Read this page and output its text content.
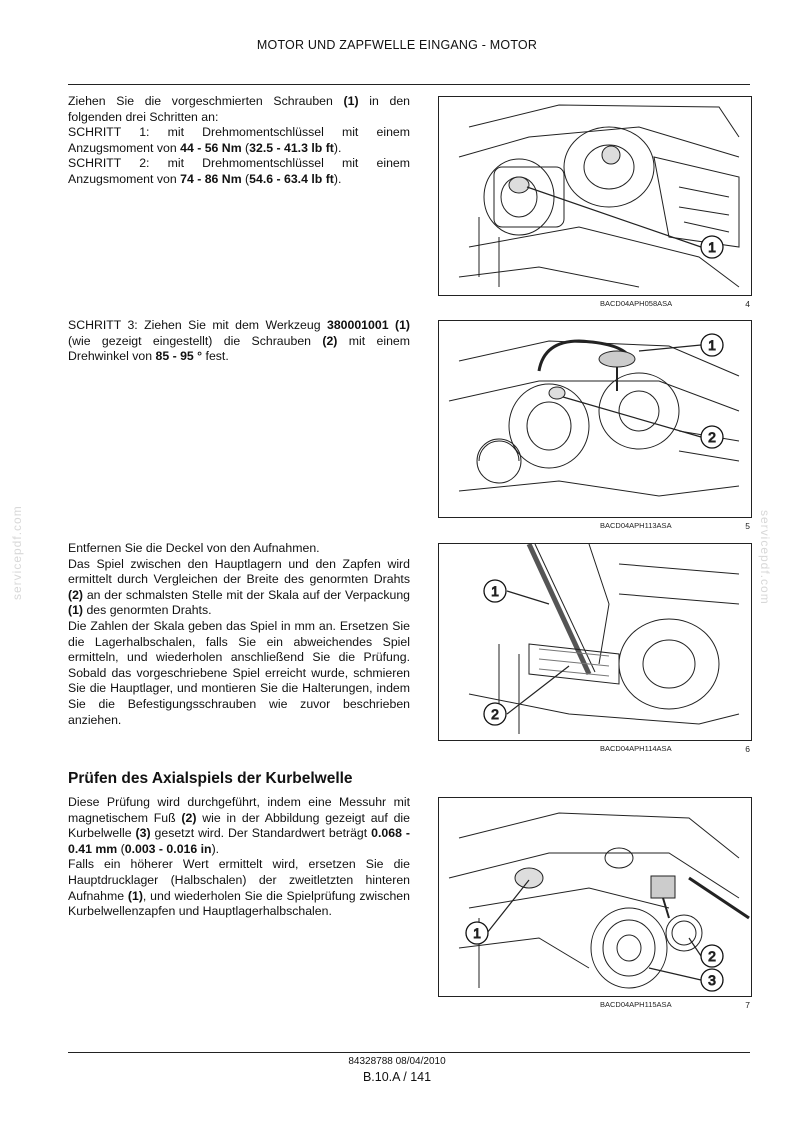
MOTOR UND ZAPFWELLE EINGANG - MOTOR

Ziehen Sie die vorgeschmierten Schrauben (1) in den folgenden drei Schritten an:

SCHRITT 1: mit Drehmomentschlüssel mit einem Anzugsmoment von 44 - 56 Nm (32.5 - 41.3 lb ft).

SCHRITT 2: mit Drehmomentschlüssel mit einem Anzugsmoment von 74 - 86 Nm (54.6 - 63.4 lb ft).

1
BACD04APH058ASA	4

SCHRITT 3: Ziehen Sie mit dem Werkzeug 380001001 (1) (wie gezeigt eingestellt) die Schrauben (2) mit einem Drehwinkel von 85 - 95 ° fest.

1
2
BACD04APH113ASA	5

Entfernen Sie die Deckel von den Aufnahmen.

Das Spiel zwischen den Hauptlagern und den Zapfen wird ermittelt durch Vergleichen der Breite des genormten Drahts (2) an der schmalsten Stelle mit der Skala auf der Verpackung (1) des genormten Drahts.

Die Zahlen der Skala geben das Spiel in mm an. Ersetzen Sie die Lagerhalbschalen, falls Sie ein abweichendes Spiel ermitteln, und wiederholen anschließend Sie die Prüfung. Sobald das vorgeschriebene Spiel erreicht wurde, schmieren Sie die Hauptlager, und montieren Sie die Halterungen, indem Sie die Befestigungsschrauben wie zuvor beschrieben anziehen.

1
2
BACD04APH114ASA	6
Prüfen des Axialspiels der Kurbelwelle

Diese Prüfung wird durchgeführt, indem eine Messuhr mit magnetischem Fuß (2) wie in der Abbildung gezeigt auf die Kurbelwelle (3) gesetzt wird. Der Standardwert beträgt 0.068 - 0.41 mm (0.003 - 0.016 in).

Falls ein höherer Wert ermittelt wird, ersetzen Sie die Hauptdrucklager (Halbschalen) der zweitletzten hinteren Aufnahme (1), und wiederholen Sie die Spielprüfung zwischen Kurbelwellenzapfen und Hauptlagerhalbschalen.

1
2
3
BACD04APH115ASA	7
84328788 08/04/2010
B.10.A / 141
servicepdf.com	servicepdf.com
